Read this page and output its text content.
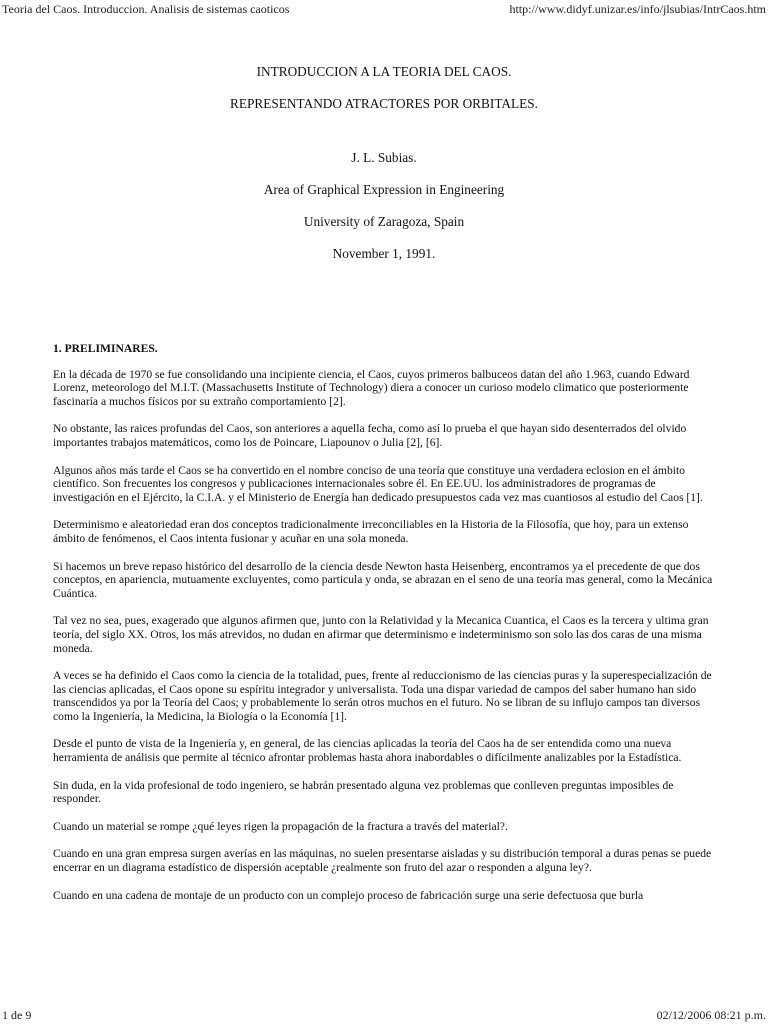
Teoria del Caos. Introduccion. Analisis de sistemas caoticos	http://www.didyf.unizar.es/info/jlsubias/IntrCaos.htm
INTRODUCCION A LA TEORIA DEL CAOS.
REPRESENTANDO ATRACTORES POR ORBITALES.
J. L. Subias.
Area of Graphical Expression in Engineering
University of Zaragoza, Spain
November 1, 1991.
1. PRELIMINARES.

En la década de 1970 se fue consolidando una incipiente ciencia, el Caos, cuyos primeros balbuceos datan del año 1.963, cuando Edward Lorenz, meteorologo del M.I.T. (Massachusetts Institute of Technology) diera a conocer un curioso modelo climatico que posteriormente fascinaría a muchos físicos por su extraño comportamiento [2].

No obstante, las raices profundas del Caos, son anteriores a aquella fecha, como así lo prueba el que hayan sido desenterrados del olvido importantes trabajos matemáticos, como los de Poincare, Liapounov o Julia [2], [6].

Algunos años más tarde el Caos se ha convertido en el nombre conciso de una teoría que constituye una verdadera eclosion en el ámbito científico. Son frecuentes los congresos y publicaciones internacionales sobre él. En EE.UU. los administradores de programas de investigación en el Ejército, la C.I.A. y el Ministerio de Energía han dedicado presupuestos cada vez mas cuantiosos al estudio del Caos [1].

Determinismo e aleatoriedad eran dos conceptos tradicionalmente irreconciliables en la Historia de la Filosofía, que hoy, para un extenso ámbito de fenómenos, el Caos intenta fusionar y acuñar en una sola moneda.

Si hacemos un breve repaso histórico del desarrollo de la ciencia desde Newton hasta Heisenberg, encontramos ya el precedente de que dos conceptos, en apariencia, mutuamente excluyentes, como particula y onda, se abrazan en el seno de una teoría mas general, como la Mecánica Cuántica.

Tal vez no sea, pues, exagerado que algunos afirmen que, junto con la Relatividad y la Mecanica Cuantica, el Caos es la tercera y ultima gran teoría, del siglo XX. Otros, los más atrevidos, no dudan en afirmar que determinismo e indeterminismo son solo las dos caras de una misma moneda.

A veces se ha definido el Caos como la ciencia de la totalidad, pues, frente al reduccionismo de las ciencias puras y la superespecialización de las ciencias aplicadas, el Caos opone su espíritu integrador y universalista. Toda una dispar variedad de campos del saber humano han sido transcendidos ya por la Teoría del Caos; y probablemente lo serán otros muchos en el futuro. No se libran de su influjo campos tan diversos como la Ingeniería, la Medicina, la Biología o la Economía [1].

Desde el punto de vista de la Ingeniería y, en general, de las ciencias aplicadas la teoría del Caos ha de ser entendida como una nueva herramienta de análisis que permite al técnico afrontar problemas hasta ahora inabordables o difícilmente analizables por la Estadística.

Sin duda, en la vida profesional de todo ingeniero, se habrán presentado alguna vez problemas que conlleven preguntas imposibles de responder.

Cuando un material se rompe ¿qué leyes rigen la propagación de la fractura a través del material?.

Cuando en una gran empresa surgen averías en las máquinas, no suelen presentarse aisladas y su distribución temporal a duras penas se puede encerrar en un diagrama estadístico de dispersión aceptable ¿realmente son fruto del azar o responden a alguna ley?.

Cuando en una cadena de montaje de un producto con un complejo proceso de fabricación surge una serie defectuosa que burla

1 de 9	02/12/2006 08:21 p.m.
